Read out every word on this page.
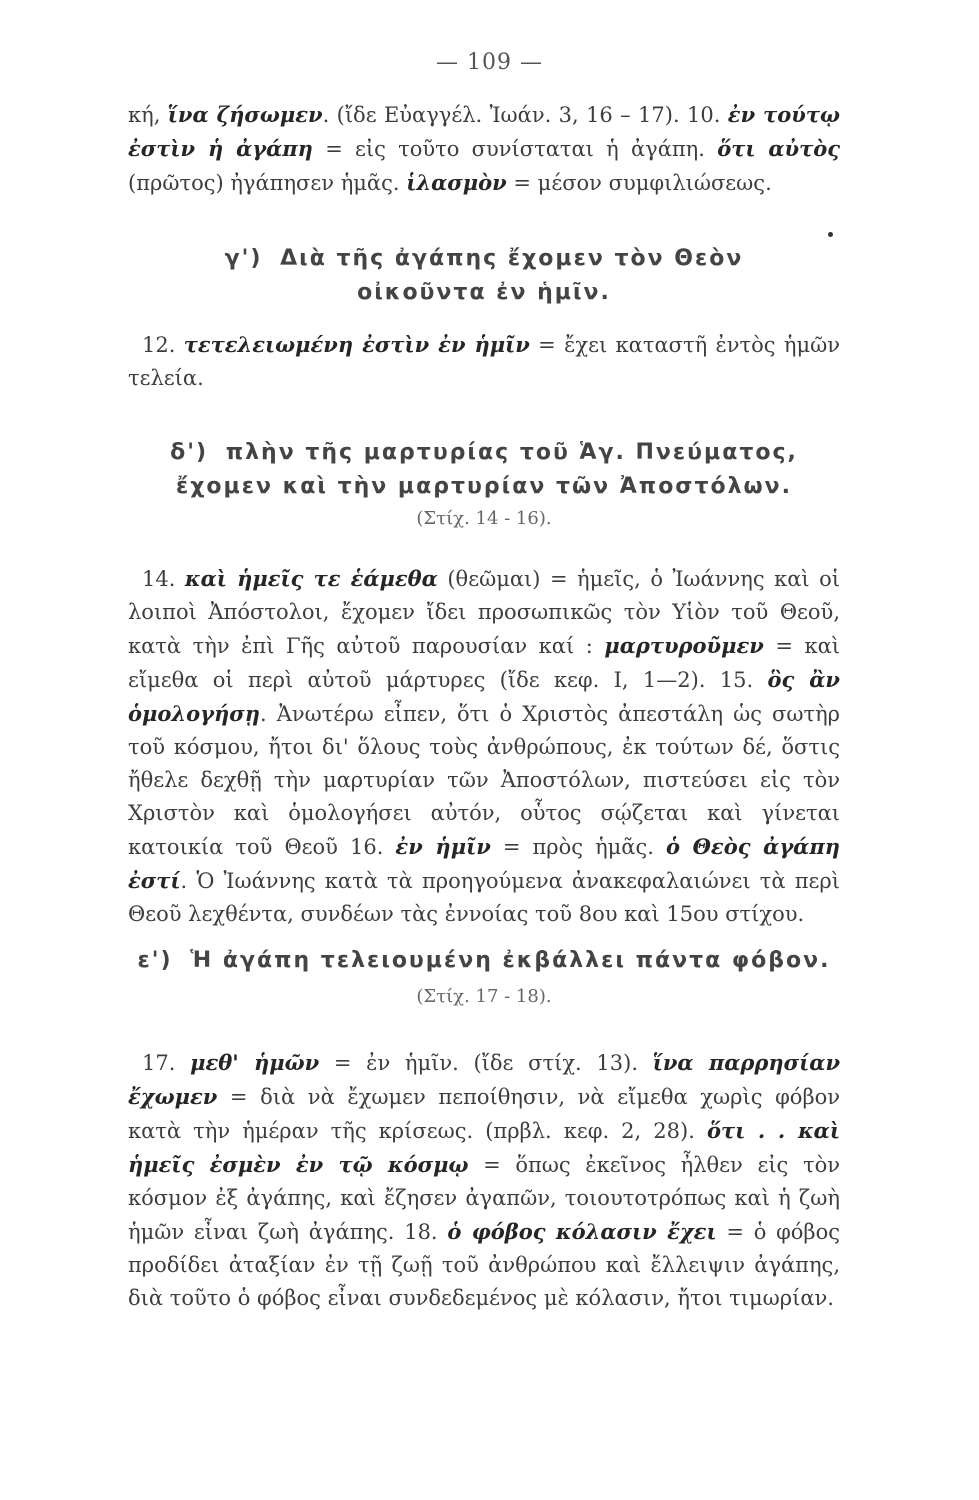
— 109 —

κή, ἵνα ζήσωμεν. (ἴδε Εὐαγγέλ. Ἰωάν. 3, 16 – 17). 10. ἐν τούτῳ ἐστὶν ἡ ἀγάπη = εἰς τοῦτο συνίσταται ἡ ἀγάπη. ὅτι αὐτὸς (πρῶτος) ἠγάπησεν ἡμᾶς. ἱλασμὸν = μέσον συμφιλιώσεως.

γ') Διὰ τῆς ἀγάπης ἔχομεν τὸν Θεὸν
οἰκοῦντα ἐν ἡμῖν.

12. τετελειωμένη ἐστὶν ἐν ἡμῖν = ἔχει καταστῆ ἐντὸς ἡμῶν τελεία.

δ') πλὴν τῆς μαρτυρίας τοῦ Ἁγ. Πνεύματος,
ἔχομεν καὶ τὴν μαρτυρίαν τῶν Ἀποστόλων.
(Στίχ. 14 - 16).

14. καὶ ἡμεῖς τε ἑάμεθα (θεῶμαι) = ἡμεῖς, ὁ Ἰωάννης καὶ οἱ λοιποὶ Ἀπόστολοι, ἔχομεν ἴδει προσωπικῶς τὸν Υἱὸν τοῦ Θεοῦ, κατὰ τὴν ἐπὶ Γῆς αὐτοῦ παρουσίαν καί : μαρτυροῦμεν = καὶ εἴμεθα οἱ περὶ αὐτοῦ μάρτυρες (ἴδε κεφ. I, 1—2). 15. ὃς ἂν ὁμολογήσῃ. Ἀνωτέρω εἶπεν, ὅτι ὁ Χριστὸς ἀπεστάλη ὡς σωτὴρ τοῦ κόσμου, ἤτοι δι' ὅλους τοὺς ἀνθρώπους, ἐκ τούτων δέ, ὅστις ἤθελε δεχθῇ τὴν μαρτυρίαν τῶν Ἀποστόλων, πιστεύσει εἰς τὸν Χριστὸν καὶ ὁμολογήσει αὐτόν, οὗτος σῴζεται καὶ γίνεται κατοικία τοῦ Θεοῦ 16. ἐν ἡμῖν = πρὸς ἡμᾶς. ὁ Θεὸς ἀγάπη ἐστί. Ὁ Ἰωάννης κατὰ τὰ προηγούμενα ἀνακεφαλαιώνει τὰ περὶ Θεοῦ λεχθέντα, συνδέων τὰς ἐννοίας τοῦ 8ου καὶ 15ου στίχου.

ε') Ἡ ἀγάπη τελειουμένη ἐκβάλλει πάντα φόβον.
(Στίχ. 17 - 18).

17. μεθ' ἡμῶν = ἐν ἡμῖν. (ἴδε στίχ. 13). ἵνα παρρησίαν ἔχωμεν = διὰ νὰ ἔχωμεν πεποίθησιν, νὰ εἴμεθα χωρὶς φόβον κατὰ τὴν ἡμέραν τῆς κρίσεως. (πρβλ. κεφ. 2, 28). ὅτι . . καὶ ἡμεῖς ἐσμὲν ἐν τῷ κόσμῳ = ὅπως ἐκεῖνος ἦλθεν εἰς τὸν κόσμον ἐξ ἀγάπης, καὶ ἔζησεν ἀγαπῶν, τοιουτοτρόπως καὶ ἡ ζωὴ ἡμῶν εἶναι ζωὴ ἀγάπης. 18. ὁ φόβος κόλασιν ἔχει = ὁ φόβος προδίδει ἀταξίαν ἐν τῇ ζωῇ τοῦ ἀνθρώπου καὶ ἔλλειψιν ἀγάπης, διὰ τοῦτο ὁ φόβος εἶναι συνδεδεμένος μὲ κόλασιν, ἤτοι τιμωρίαν.
